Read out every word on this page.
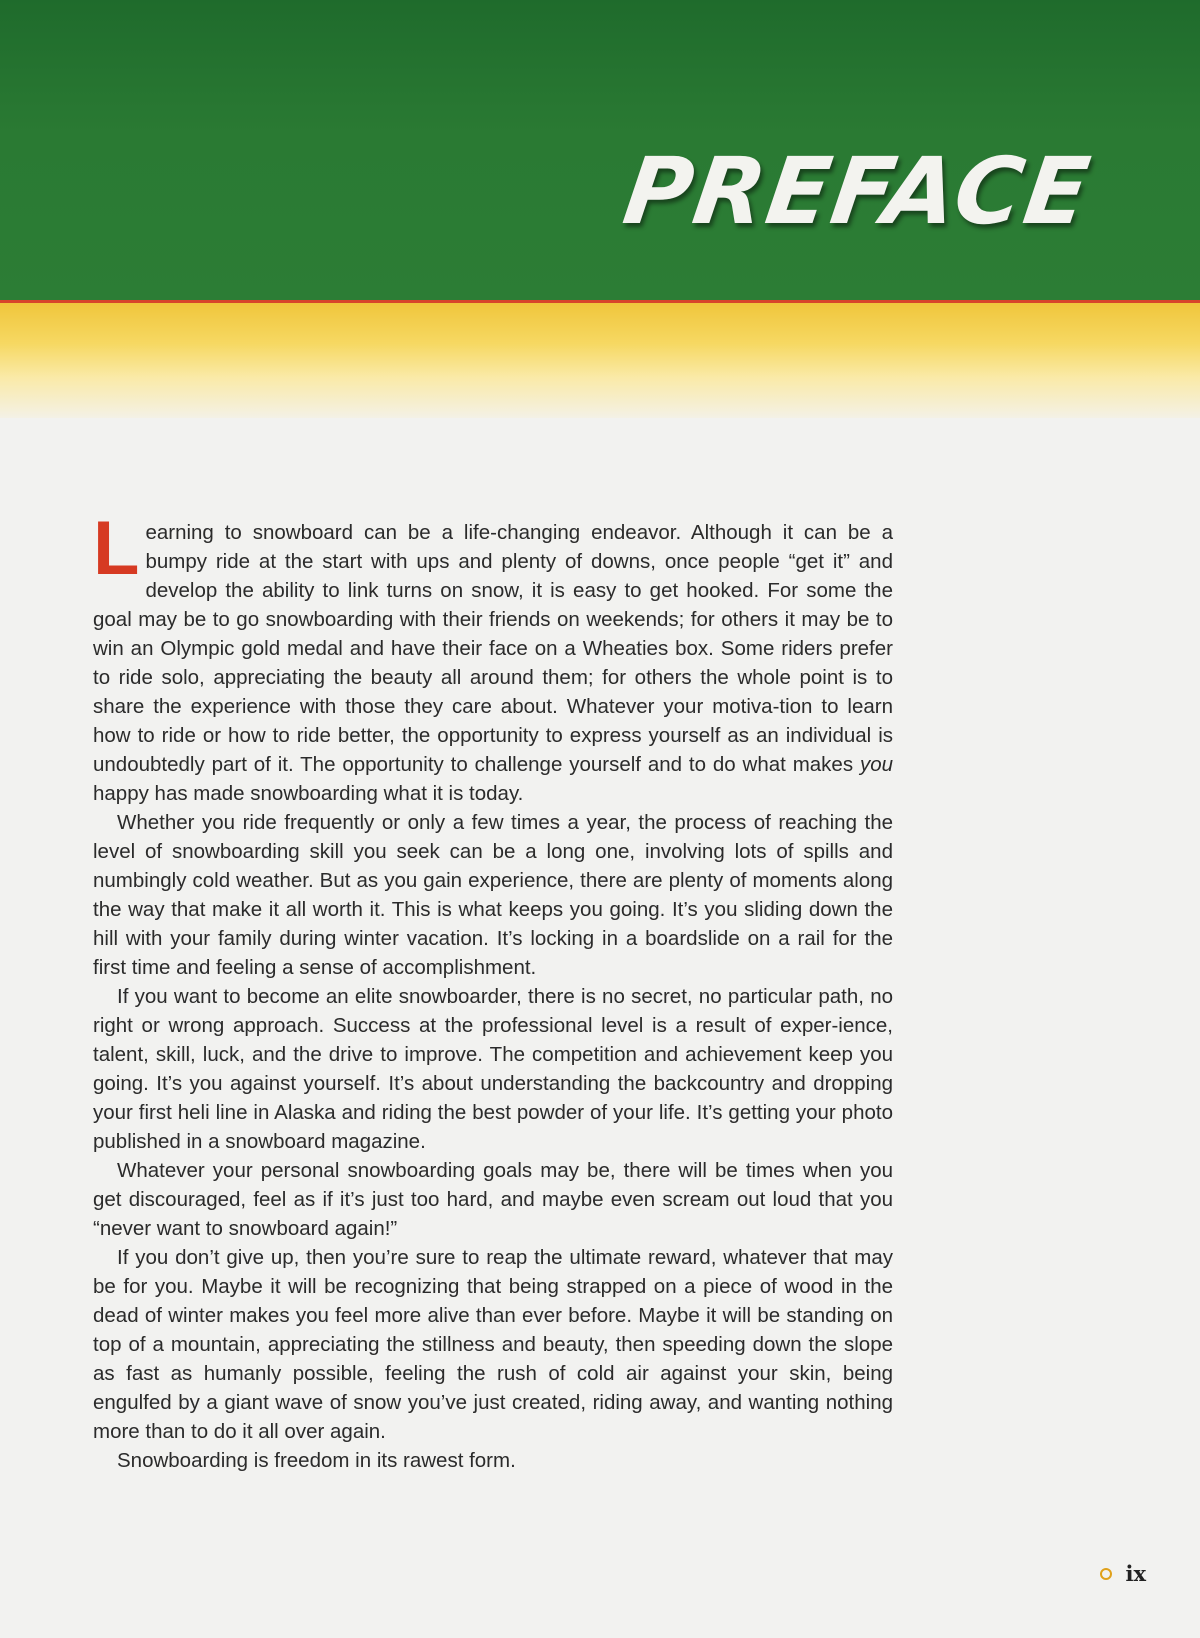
PREFACE

Learning to snowboard can be a life-changing endeavor. Although it can be a bumpy ride at the start with ups and plenty of downs, once people “get it” and develop the ability to link turns on snow, it is easy to get hooked. For some the goal may be to go snowboarding with their friends on weekends; for others it may be to win an Olympic gold medal and have their face on a Wheaties box. Some riders prefer to ride solo, appreciating the beauty all around them; for others the whole point is to share the experience with those they care about. Whatever your motiva-tion to learn how to ride or how to ride better, the opportunity to express yourself as an individual is undoubtedly part of it. The opportunity to challenge yourself and to do what makes you happy has made snowboarding what it is today.

Whether you ride frequently or only a few times a year, the process of reaching the level of snowboarding skill you seek can be a long one, involving lots of spills and numbingly cold weather. But as you gain experience, there are plenty of moments along the way that make it all worth it. This is what keeps you going. It’s you sliding down the hill with your family during winter vacation. It’s locking in a boardslide on a rail for the first time and feeling a sense of accomplishment.

If you want to become an elite snowboarder, there is no secret, no particular path, no right or wrong approach. Success at the professional level is a result of exper-ience, talent, skill, luck, and the drive to improve. The competition and achievement keep you going. It’s you against yourself. It’s about understanding the backcountry and dropping your first heli line in Alaska and riding the best powder of your life. It’s getting your photo published in a snowboard magazine.

Whatever your personal snowboarding goals may be, there will be times when you get discouraged, feel as if it’s just too hard, and maybe even scream out loud that you “never want to snowboard again!”

If you don’t give up, then you’re sure to reap the ultimate reward, whatever that may be for you. Maybe it will be recognizing that being strapped on a piece of wood in the dead of winter makes you feel more alive than ever before. Maybe it will be standing on top of a mountain, appreciating the stillness and beauty, then speeding down the slope as fast as humanly possible, feeling the rush of cold air against your skin, being engulfed by a giant wave of snow you’ve just created, riding away, and wanting nothing more than to do it all over again.

Snowboarding is freedom in its rawest form.

ix
